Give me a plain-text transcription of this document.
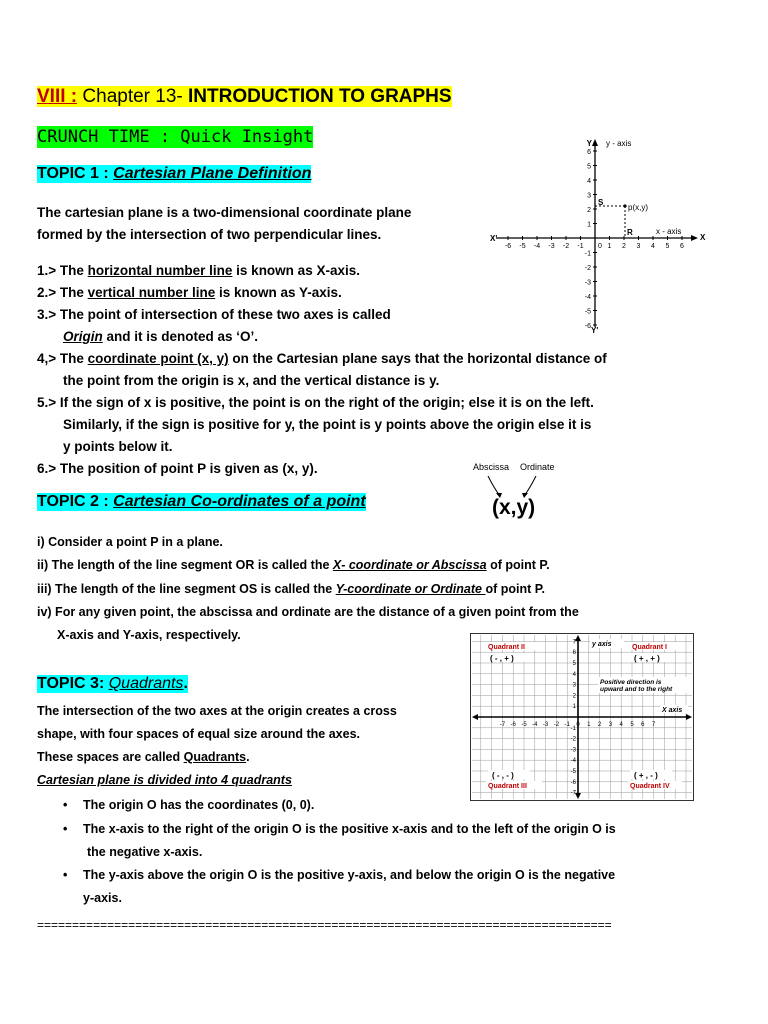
VIII : Chapter 13- INTRODUCTION TO GRAPHS
CRUNCH TIME : Quick Insight
TOPIC 1 : Cartesian Plane Definition
The cartesian plane is a two-dimensional coordinate plane
formed by the intersection of two perpendicular lines.
1.> The horizontal number line is known as X-axis.
2.> The vertical number line is known as Y-axis.
3.> The point of intersection of these two axes is called
Origin and it is denoted as ‘O’.
4,> The coordinate point (x, y) on the Cartesian plane says that the horizontal distance of
the point from the origin is x, and the vertical distance is y.
5.> If the sign of x is positive, the point is on the right of the origin; else it is on the left.
Similarly, if the sign is positive for y, the point is y points above the origin else it is
y points below it.
6.> The position of point P is given as (x, y).
Y y - axis
X
x - axis
X'
Y'
S
R
p(x,y)
6
5
4
3
2
1
-1
-2
-3
-4
-5
-6
-6 -5 -4 -3 -2 -1	1 2 3 4 5 6
0
Abscissa Ordinate
(x,y)
TOPIC 2 : Cartesian Co-ordinates of a point
i) Consider a point P in a plane.
ii) The length of the line segment OR is called the X- coordinate or Abscissa of point P.
iii) The length of the line segment OS is called the Y-coordinate or Ordinate of point P.
iv) For any given point, the abscissa and ordinate are the distance of a given point from the
X-axis and Y-axis, respectively.
TOPIC 3: Quadrants.
The intersection of the two axes at the origin creates a cross
shape, with four spaces of equal size around the axes.
These spaces are called Quadrants.
Cartesian plane is divided into 4 quadrants
• The origin O has the coordinates (0, 0).
• The x-axis to the right of the origin O is the positive x-axis and to the left of the origin O is
the negative x-axis.
• The y-axis above the origin O is the positive y-axis, and below the origin O is the negative
y-axis.
Quadrant II
( - , + )
Quadrant I
( + , + )
y axis
X axis
Positive direction is
upward and to the right
( - , - )
Quadrant III
( + , - )
Quadrant IV
-7 -6 -5 -4 -3 -2 -1 0 1 2 3 4 5 6 7
7
6
5
4
3
2
1
-1
-2
-3
-4
-5
-6
-7
==================================================================================
